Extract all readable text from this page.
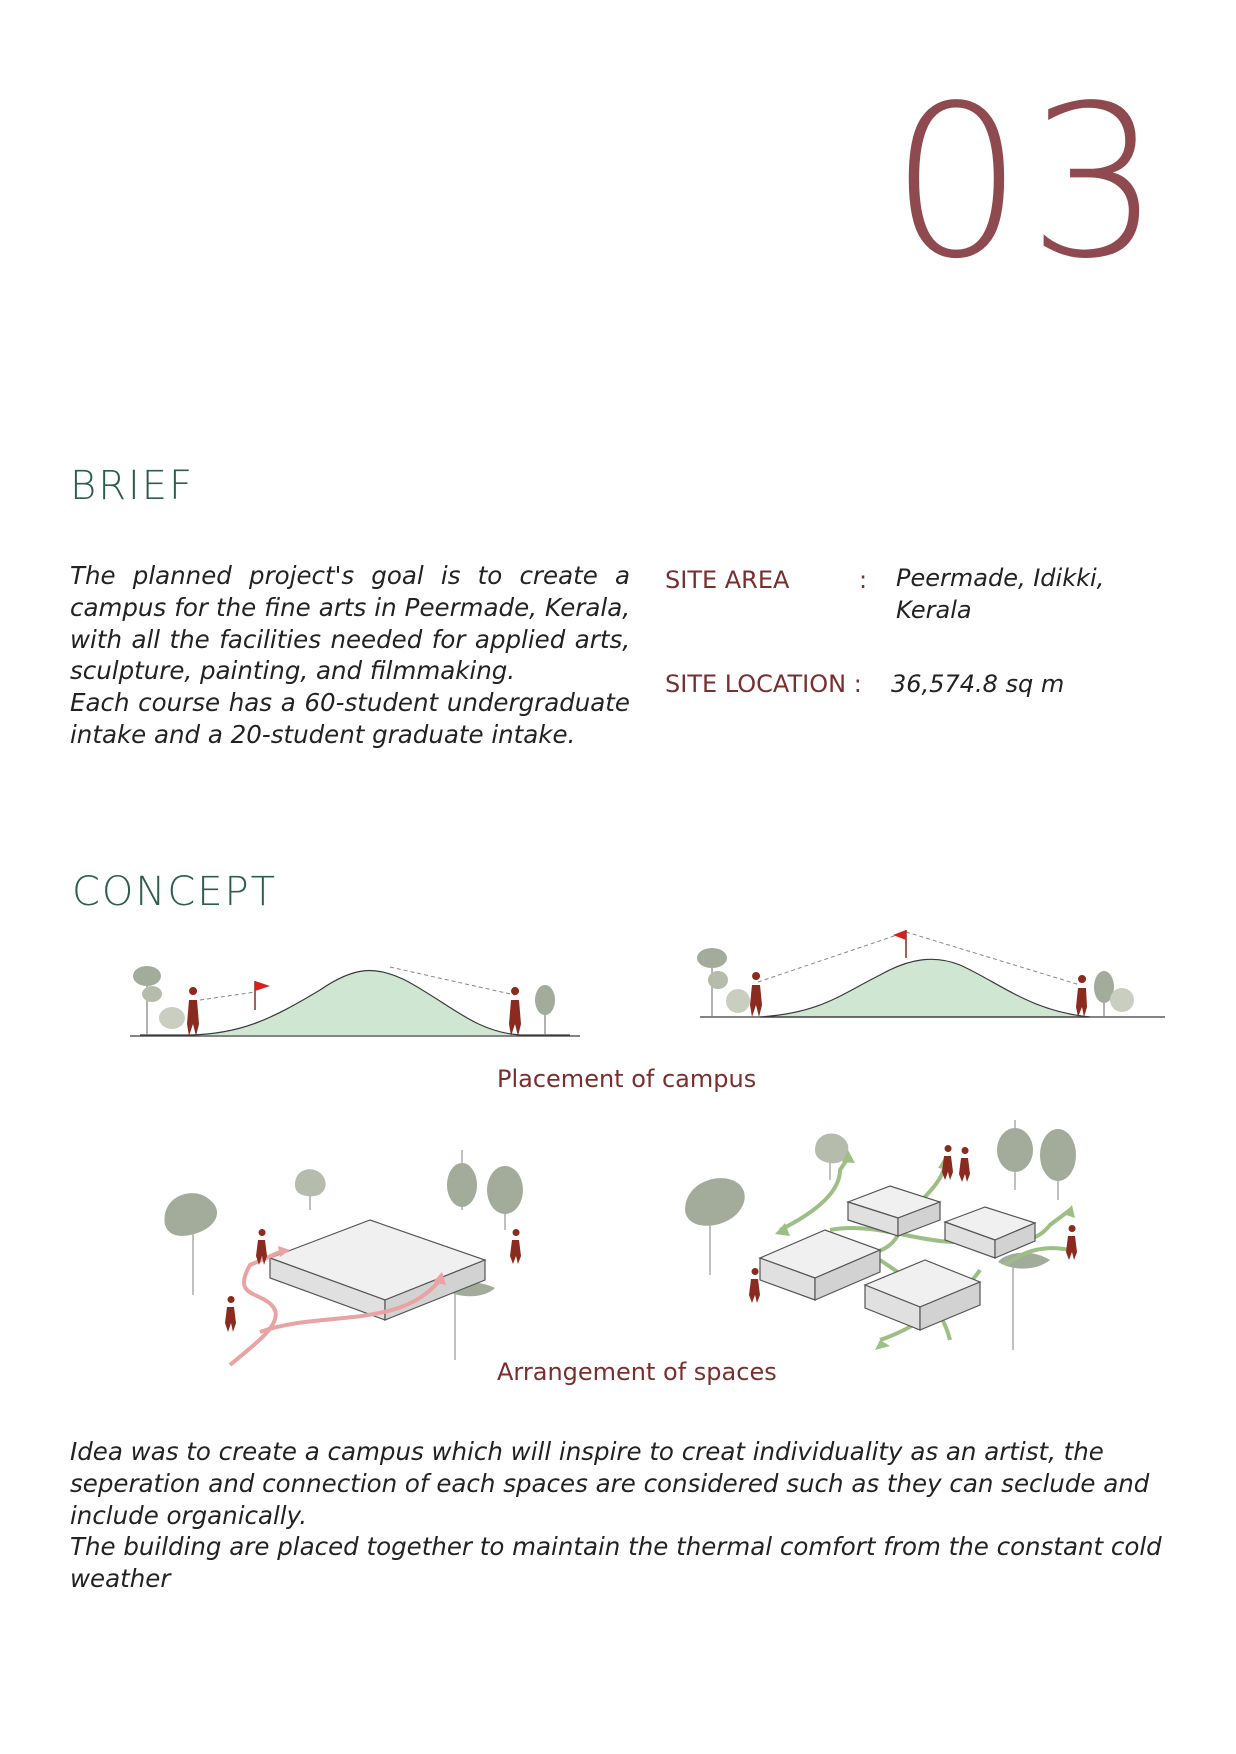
03
BRIEF

The planned project's goal is to create a campus for the fine arts in Peermade, Kerala, with all the facilities needed for applied arts, sculpture, painting, and filmmaking.

Each course has a 60-student undergraduate intake and a 20-student graduate intake.

SITE AREA	: Peermade, Idikki,
Kerala
SITE LOCATION : 36,574.8 sq m
CONCEPT
Placement of campus
Arrangement of spaces

Idea was to create a campus which will inspire to creat individuality as an artist, the seperation and connection of each spaces are considered such as they can seclude and include organically.

The building are placed together to maintain the thermal comfort from the constant cold weather
